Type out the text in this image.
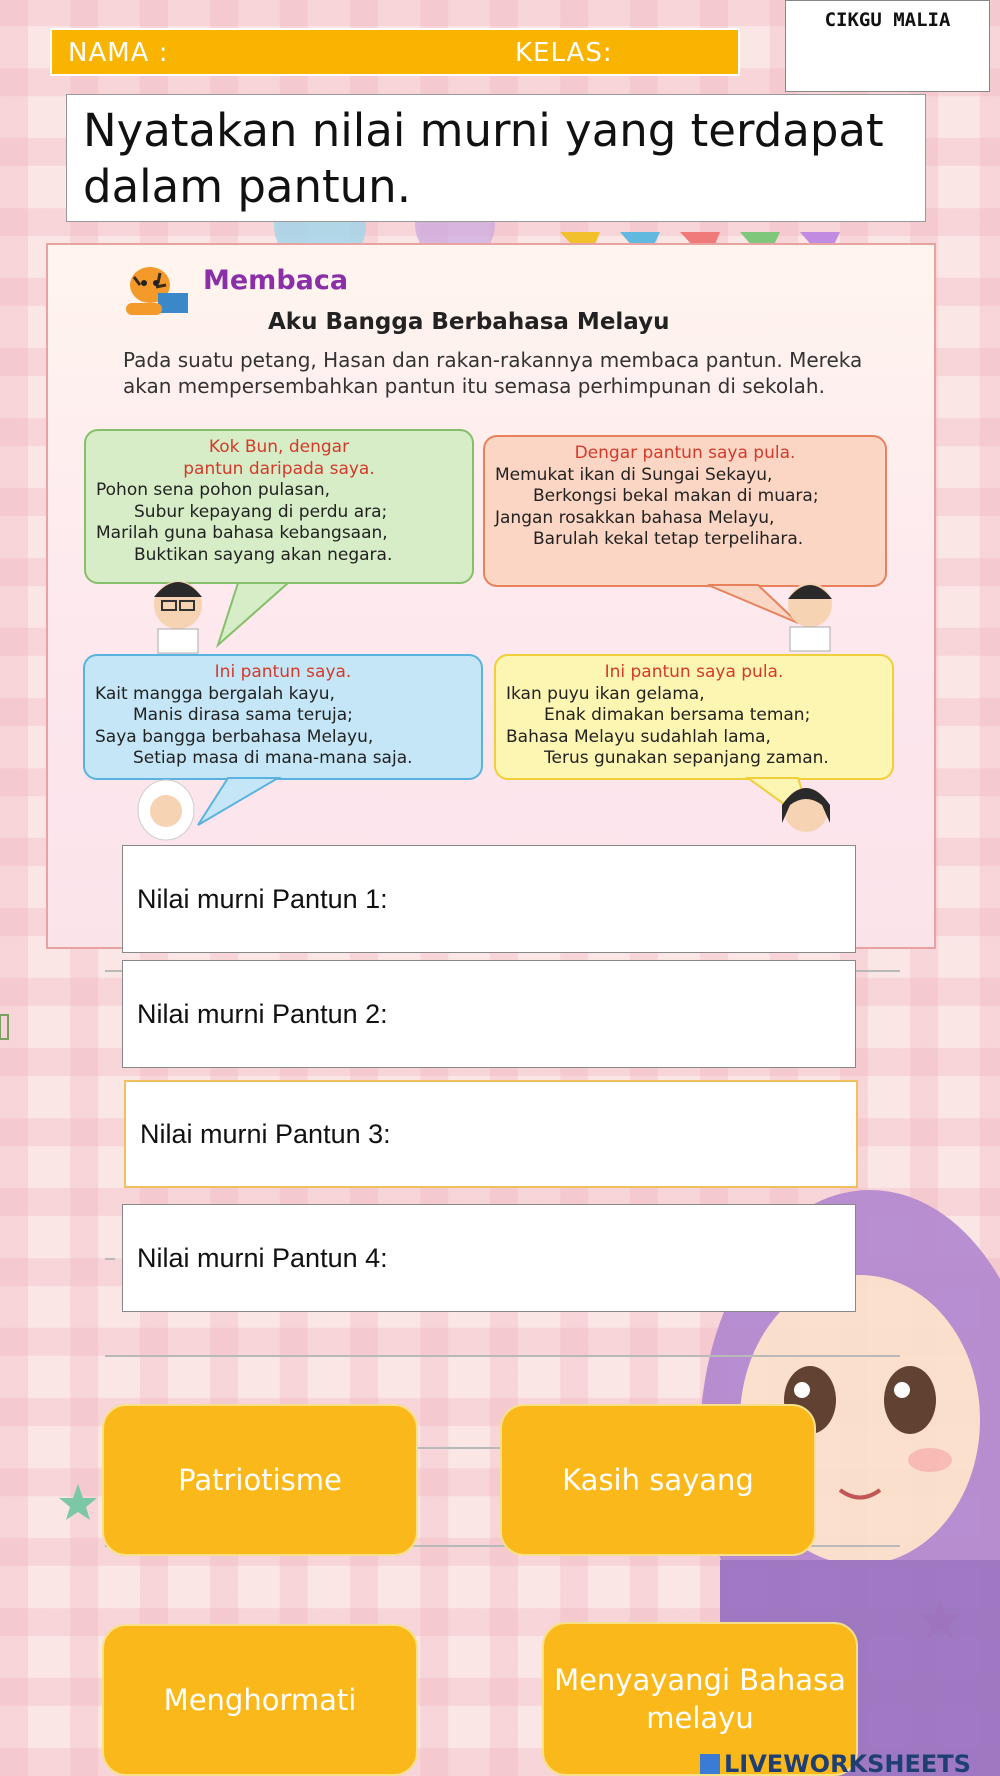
NAMA :	KELAS:
CIKGU MALIA
Nyatakan nilai murni yang terdapat dalam pantun.
Membaca
Aku Bangga Berbahasa Melayu
Pada suatu petang, Hasan dan rakan-rakannya membaca pantun. Mereka akan mempersembahkan pantun itu semasa perhimpunan di sekolah.
Kok Bun, dengar
pantun daripada saya.
Pohon sena pohon pulasan,
Subur kepayang di perdu ara;
Marilah guna bahasa kebangsaan,
Buktikan sayang akan negara.
Dengar pantun saya pula.
Memukat ikan di Sungai Sekayu,
Berkongsi bekal makan di muara;
Jangan rosakkan bahasa Melayu,
Barulah kekal tetap terpelihara.
Ini pantun saya.
Kait mangga bergalah kayu,
Manis dirasa sama teruja;
Saya bangga berbahasa Melayu,
Setiap masa di mana-mana saja.
Ini pantun saya pula.
Ikan puyu ikan gelama,
Enak dimakan bersama teman;
Bahasa Melayu sudahlah lama,
Terus gunakan sepanjang zaman.
Nilai murni Pantun 1:
Nilai murni Pantun 2:
Nilai murni Pantun 3:
Nilai murni Pantun 4:
Patriotisme	Kasih sayang
Menghormati
Menyayangi Bahasa melayu
LIVEWORKSHEETS
